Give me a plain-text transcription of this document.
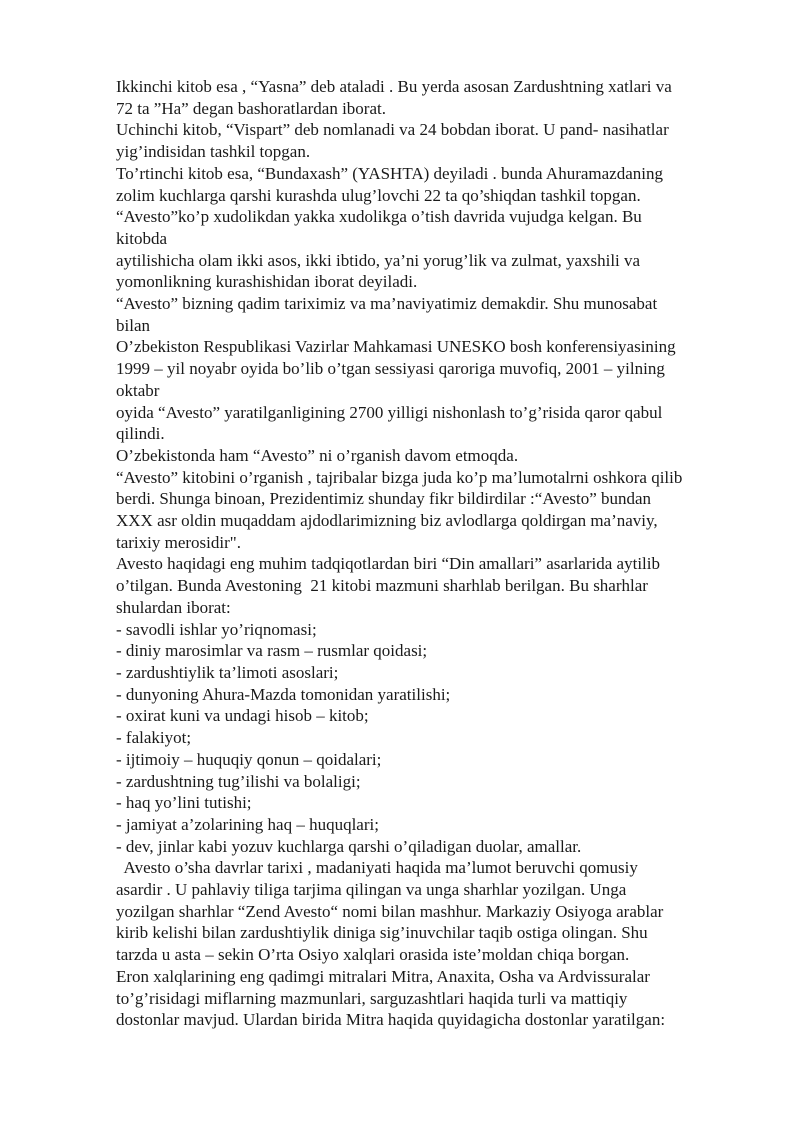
Ikkinchi kitob esa , “Yasna” deb ataladi . Bu yerda asosan Zardushtning xatlari va
72 ta ”Ha” degan bashoratlardan iborat.
Uchinchi kitob, “Vispart” deb nomlanadi va 24 bobdan iborat. U pand- nasihatlar
yig’indisidan tashkil topgan.
To’rtinchi kitob esa, “Bundaxash” (YASHTA) deyiladi . bunda Ahuramazdaning
zolim kuchlarga qarshi kurashda ulug’lovchi 22 ta qo’shiqdan tashkil topgan.
“Avesto”ko’p xudolikdan yakka xudolikga o’tish davrida vujudga kelgan. Bu
kitobda
aytilishicha olam ikki asos, ikki ibtido, ya’ni yorug’lik va zulmat, yaxshili va
yomonlikning kurashishidan iborat deyiladi.
“Avesto” bizning qadim tariximiz va ma’naviyatimiz demakdir. Shu munosabat
bilan
O’zbekiston Respublikasi Vazirlar Mahkamasi UNESKO bosh konferensiyasining
1999 – yil noyabr oyida bo’lib o’tgan sessiyasi qaroriga muvofiq, 2001 – yilning
oktabr
oyida “Avesto” yaratilganligining 2700 yilligi nishonlash to’g’risida qaror qabul
qilindi.
O’zbekistonda ham “Avesto” ni o’rganish davom etmoqda.
“Avesto” kitobini o’rganish , tajribalar bizga juda ko’p ma’lumotalrni oshkora qilib
berdi. Shunga binoan, Prezidentimiz shunday fikr bildirdilar :“Avesto” bundan
XXX asr oldin muqaddam ajdodlarimizning biz avlodlarga qoldirgan ma’naviy,
tarixiy merosidir".
Avesto haqidagi eng muhim tadqiqotlardan biri “Din amallari” asarlarida aytilib
o’tilgan. Bunda Avestoning  21 kitobi mazmuni sharhlab berilgan. Bu sharhlar
shulardan iborat:
- savodli ishlar yo’riqnomasi;
- diniy marosimlar va rasm – rusmlar qoidasi;
- zardushtiylik ta’limoti asoslari;
- dunyoning Ahura-Mazda tomonidan yaratilishi;
- oxirat kuni va undagi hisob – kitob;
- falakiyot;
- ijtimoiy – huquqiy qonun – qoidalari;
- zardushtning tug’ilishi va bolaligi;
- haq yo’lini tutishi;
- jamiyat a’zolarining haq – huquqlari;
- dev, jinlar kabi yozuv kuchlarga qarshi o’qiladigan duolar, amallar.
Avesto o’sha davrlar tarixi , madaniyati haqida ma’lumot beruvchi qomusiy
asardir . U pahlaviy tiliga tarjima qilingan va unga sharhlar yozilgan. Unga
yozilgan sharhlar “Zend Avesto“ nomi bilan mashhur. Markaziy Osiyoga arablar
kirib kelishi bilan zardushtiylik diniga sig’inuvchilar taqib ostiga olingan. Shu
tarzda u asta – sekin O’rta Osiyo xalqlari orasida iste’moldan chiqa borgan.
Eron xalqlarining eng qadimgi mitralari Mitra, Anaxita, Osha va Ardvissuralar
to’g’risidagi miflarning mazmunlari, sarguzashtlari haqida turli va mattiqiy
dostonlar mavjud. Ulardan birida Mitra haqida quyidagicha dostonlar yaratilgan:
